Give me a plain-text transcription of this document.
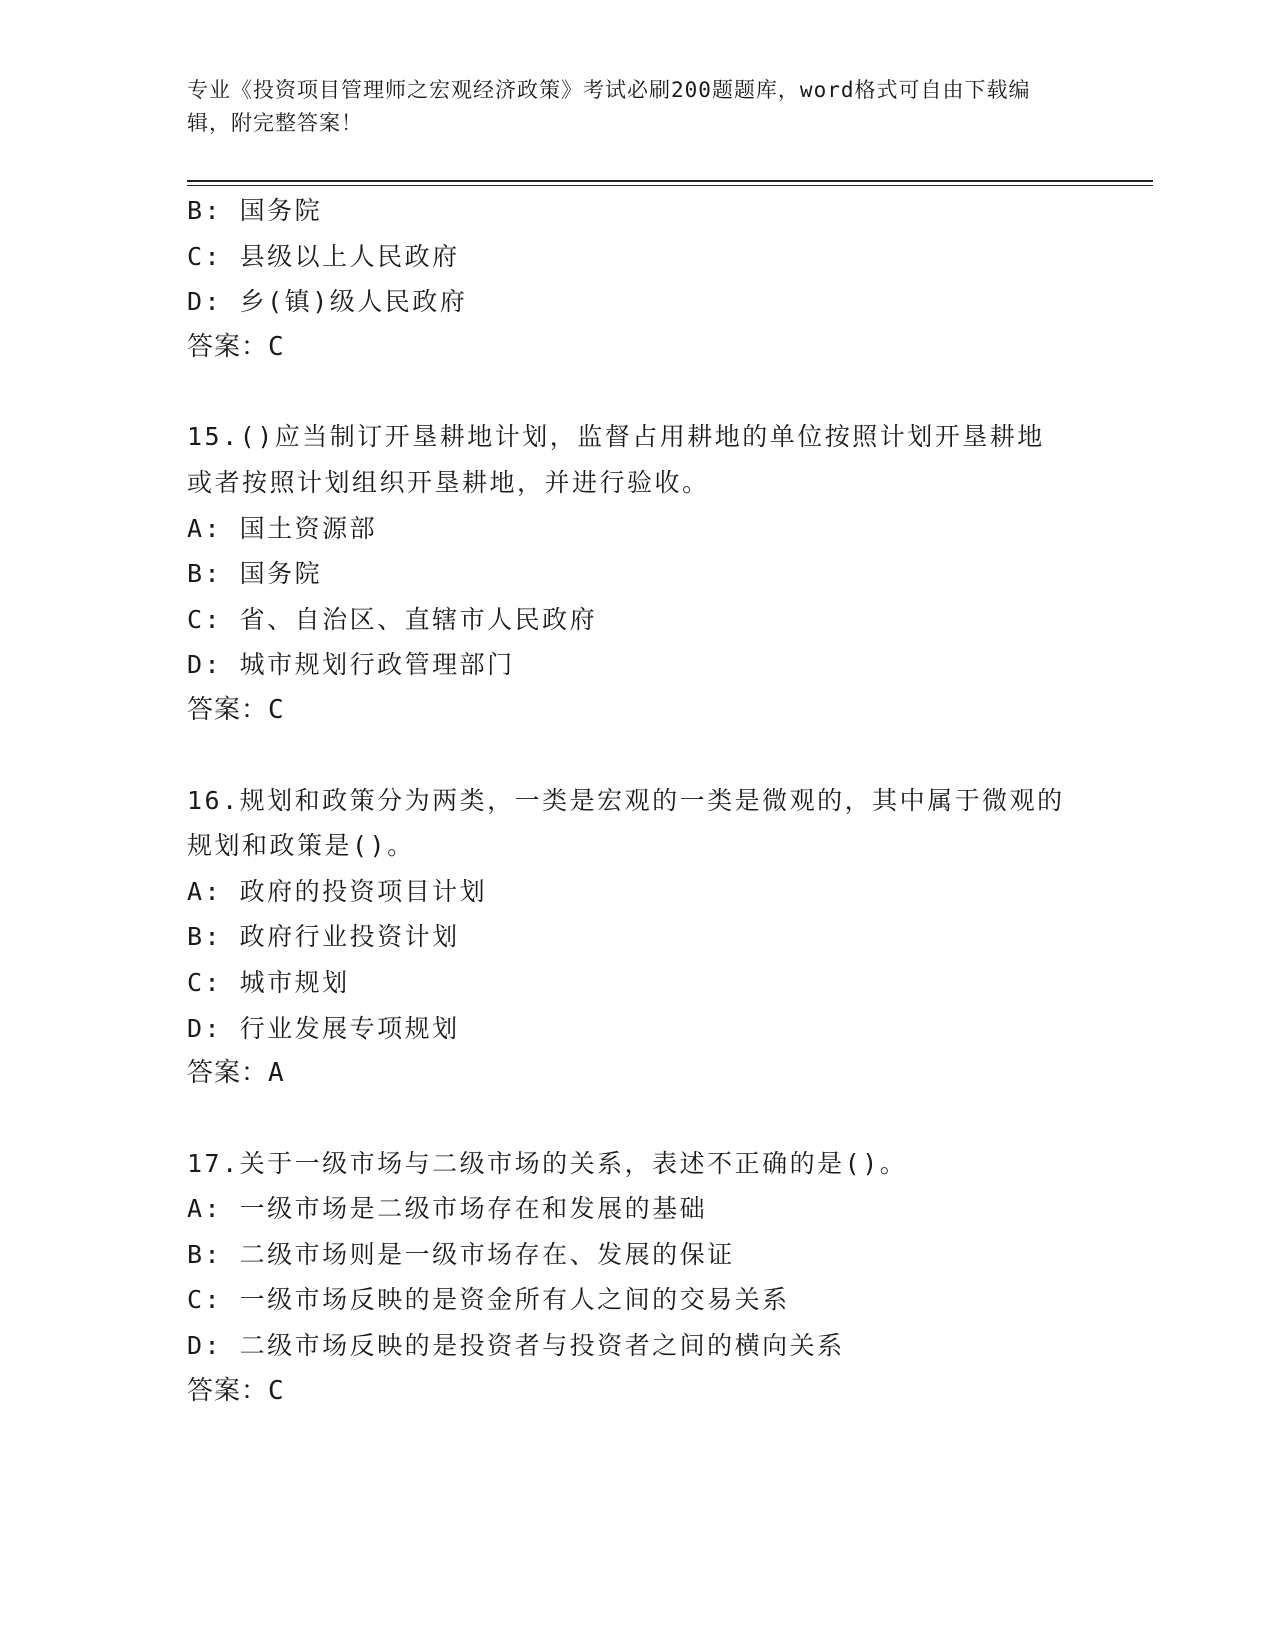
专业《投资项目管理师之宏观经济政策》考试必刷200题题库，word格式可自由下载编辑，附完整答案！
B: 国务院
C: 县级以上人民政府
D: 乡(镇)级人民政府
答案：C
15.()应当制订开垦耕地计划，监督占用耕地的单位按照计划开垦耕地或者按照计划组织开垦耕地，并进行验收。
A: 国土资源部
B: 国务院
C: 省、自治区、直辖市人民政府
D: 城市规划行政管理部门
答案：C
16.规划和政策分为两类，一类是宏观的一类是微观的，其中属于微观的规划和政策是()。
A: 政府的投资项目计划
B: 政府行业投资计划
C: 城市规划
D: 行业发展专项规划
答案：A
17.关于一级市场与二级市场的关系，表述不正确的是()。
A: 一级市场是二级市场存在和发展的基础
B: 二级市场则是一级市场存在、发展的保证
C: 一级市场反映的是资金所有人之间的交易关系
D: 二级市场反映的是投资者与投资者之间的横向关系
答案：C
